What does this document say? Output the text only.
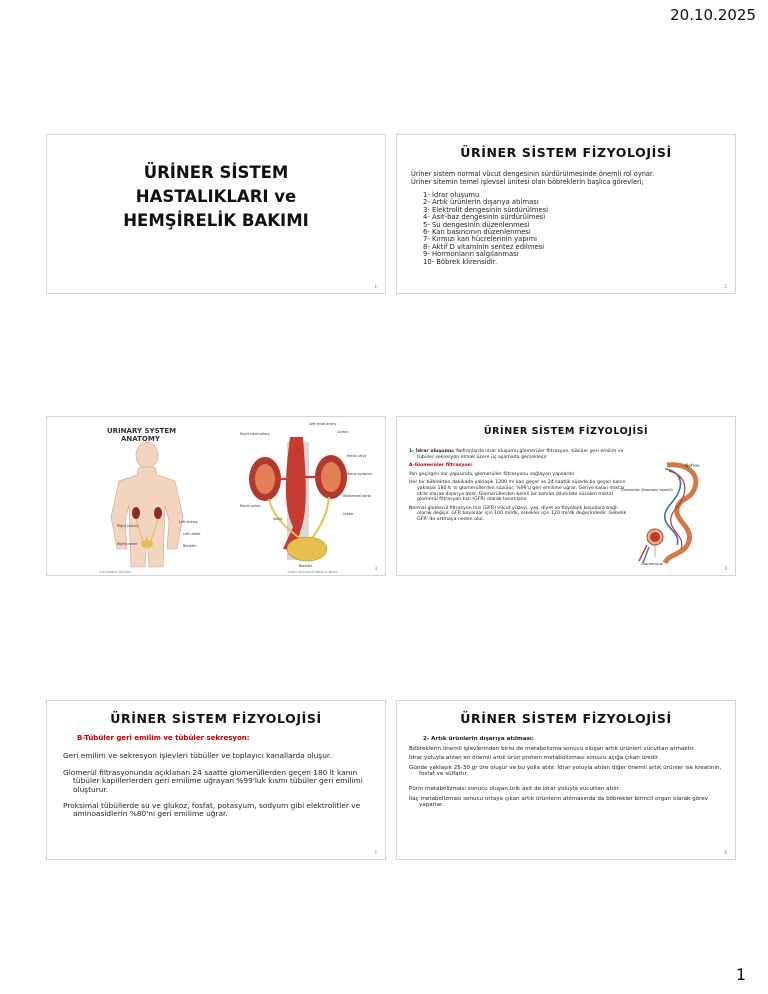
20.10.2025
ÜRİNER SİSTEM
HASTALIKLARI ve
HEMŞİRELİK BAKIMI
1
ÜRİNER SİSTEM FİZYOLOJİSİ

Üriner sistem normal vücut dengesinin sürdürülmesinde önemli rol oynar.

Üriner sitemin temel işlevsel ünitesi olan böbreklerin başlıca görevleri;

1- İdrar oluşumu
2- Artık ürünlerin dışarıya atılması
3- Elektrolit dengesinin sürdürülmesi
4- Asit-baz dengesinin sürdürülmesi
5- Su dengesinin düzenlenmesi
6- Kan basıncının düzenlenmesi
7- Kırmızı kan hücrelerinin yapımı
8- Aktif D vitaminin sentez edilmesi
9- Hormonların salgılanması
10- Böbrek klirensidir.
2
URINARY SYSTEM
ANATOMY
Right renal artery
Left renal artery
Cortex
Renal calyx
Renal pyramid
Renal pelvis
Abdominal aorta
Ureter
Right kidney
Left kidney
Left ureter
Right ureter	Bladder
Spine
Bladder
FOR SAMPLE USE ONLY	©2004 TRIALSIGHT MEDICAL MEDIA
3
ÜRİNER SİSTEM FİZYOLOJİSİ

1- İdrar oluşumu: Nefronlarda idrar oluşumu glomerüler filtrasyon, tübüler geri emilim ve tübüler sekresyon olmak üzere üç aşamada gerçekleşir.

A-Glomerüler filtrasyon:

Yarı geçirgen zar yapısında, glomerüller filtrasyonu sağlayan yapılardır.

Her bir böbrekten dakikada yaklaşık 1200 ml kan geçer ve 24 saatlik sürede bu geçen kanın yaklaşık 180 lt 'si glomerüllerden süzülür, %99'u geri emilime uğrar. Geriye kalan miktar idrar olarak dışarıya atılır. Glomerüllerden belirli bir zaman diliminde süzülen miktar glomerül filtrasyon hızı (GFR) olarak tanımlanır.

Normal glomerül filtrasyon hızı (GFR) vücut yüzeyi, yaş, diyet ve fizyolojik koşullara bağlı olarak değişir. GFR bayanlar için 100 ml/dk, erkekler için 120 ml/dk değerindedir. Gebelik GFR' de artmaya neden olur.

Nefron
Glomerüler (Bowman) kapsülü
Glomerulus
4
ÜRİNER SİSTEM FİZYOLOJİSİ
B-Tübüler geri emilim ve tübüler sekresyon:

Geri emilim ve sekresyon işlevleri tübüller ve toplayıcı kanallarda oluşur.

Glomerül filtrasyonunda açıklanan 24 saatte glomerüllerden geçen 180 lt kanın tübüler kapillerlerden geri emilime uğrayan %99'luk kısmı tübüler geri emilimi oluşturur.

Proksimal tübüllerde su ve glukoz, fosfat, potasyum, sodyum gibi elektrolitler ve aminoasidlerin %80'ni geri emilime uğrar.

5
ÜRİNER SİSTEM FİZYOLOJİSİ
2- Artık ürünlerin dışarıya atılması:

Böbreklerin önemli işlevlerinden birisi de metabolizma sonucu oluşan artık ürünleri vücuttan atmaktır.

İdrar yoluyla atılan en önemli artık ürün protein metabolizması sonucu açığa çıkan üredir.

Günde yaklaşık 25-30 gr üre oluşur ve bu yolla atılır. İdrar yoluyla atılan diğer önemli artık ürünler ise kreatinin, fosfat ve sülfattır.

Pürin metabolizması sonucu oluşan ürik asit de idrar yoluyla vücuttan atılır.

İlaç metabolizması sonucu ortaya çıkan artık ürünlerin atılmasında da böbrekler birincil organ olarak görev yaparlar.

6
1
